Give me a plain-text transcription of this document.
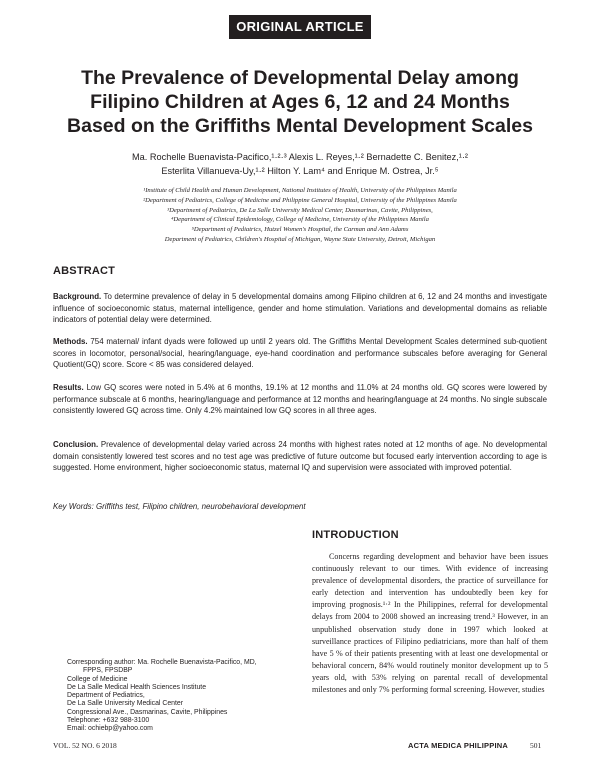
ORIGINAL ARTICLE
The Prevalence of Developmental Delay among
Filipino Children at Ages 6, 12 and 24 Months
Based on the Griffiths Mental Development Scales
Ma. Rochelle Buenavista-Pacifico,¹·²·³ Alexis L. Reyes,¹·² Bernadette C. Benitez,¹·²
Esterlita Villanueva-Uy,¹·² Hilton Y. Lam⁴ and Enrique M. Ostrea, Jr.⁵
¹Institute of Child Health and Human Development, National Institutes of Health, University of the Philippines Manila
²Department of Pediatrics, College of Medicine and Philippine General Hospital, University of the Philippines Manila
³Department of Pediatrics, De La Salle University Medical Center, Dasmarinas, Cavite, Philippines,
⁴Department of Clinical Epidemiology, College of Medicine, University of the Philippines Manila
⁵Department of Pediatrics, Hutzel Women's Hospital, the Carman and Ann Adams
Department of Pediatrics, Children's Hospital of Michigan, Wayne State University, Detroit, Michigan
ABSTRACT
Background. To determine prevalence of delay in 5 developmental domains among Filipino children at 6, 12 and 24 months and investigate influence of socioeconomic status, maternal intelligence, gender and home stimulation. Variations and developmental domains as reliable indicators of potential delay were determined.
Methods. 754 maternal/ infant dyads were followed up until 2 years old. The Griffiths Mental Development Scales determined sub-quotient scores in locomotor, personal/social, hearing/language, eye-hand coordination and performance subscales before averaging for General Quotient(GQ) score. Score < 85 was considered delayed.
Results. Low GQ scores were noted in 5.4% at 6 months, 19.1% at 12 months and 11.0% at 24 months old. GQ scores were lowered by performance subscale at 6 months, hearing/language and performance at 12 months and hearing/language at 24 months. No single subscale consistently lowered GQ across time. Only 4.2% maintained low GQ scores in all three ages.
Conclusion. Prevalence of developmental delay varied across 24 months with highest rates noted at 12 months of age. No developmental domain consistently lowered test scores and no test age was predictive of future outcome but focused early intervention according to age is suggested. Home environment, higher socioeconomic status, maternal IQ and supervision were associated with improved potential.
Key Words: Griffiths test, Filipino children, neurobehavioral development
INTRODUCTION

Concerns regarding development and behavior have been issues continuously relevant to our times. With evidence of increasing prevalence of developmental disorders, the practice of surveillance for early detection and intervention has undoubtedly been key for improving prognosis.¹·² In the Philippines, referral for developmental delays from 2004 to 2008 showed an increasing trend.³ However, in an unpublished observation study done in 1997 which looked at surveillance practices of Filipino pediatricians, more than half of them have 5 % of their patients presenting with at least one developmental or behavioral concern, 84% would routinely monitor development up to 5 years old, with 53% relying on parental recall of developmental milestones and only 7% performing formal screening. However, studies

Corresponding author: Ma. Rochelle Buenavista-Pacifico, MD,
FPPS, FPSDBP
College of Medicine
De La Salle Medical Health Sciences Institute
Department of Pediatrics,
De La Salle University Medical Center
Congressional Ave., Dasmarinas, Cavite, Philippines
Telephone: +632 988-3100
Email: ochiebp@yahoo.com
VOL. 52 NO. 6 2018	ACTA MEDICA PHILIPPINA	501
